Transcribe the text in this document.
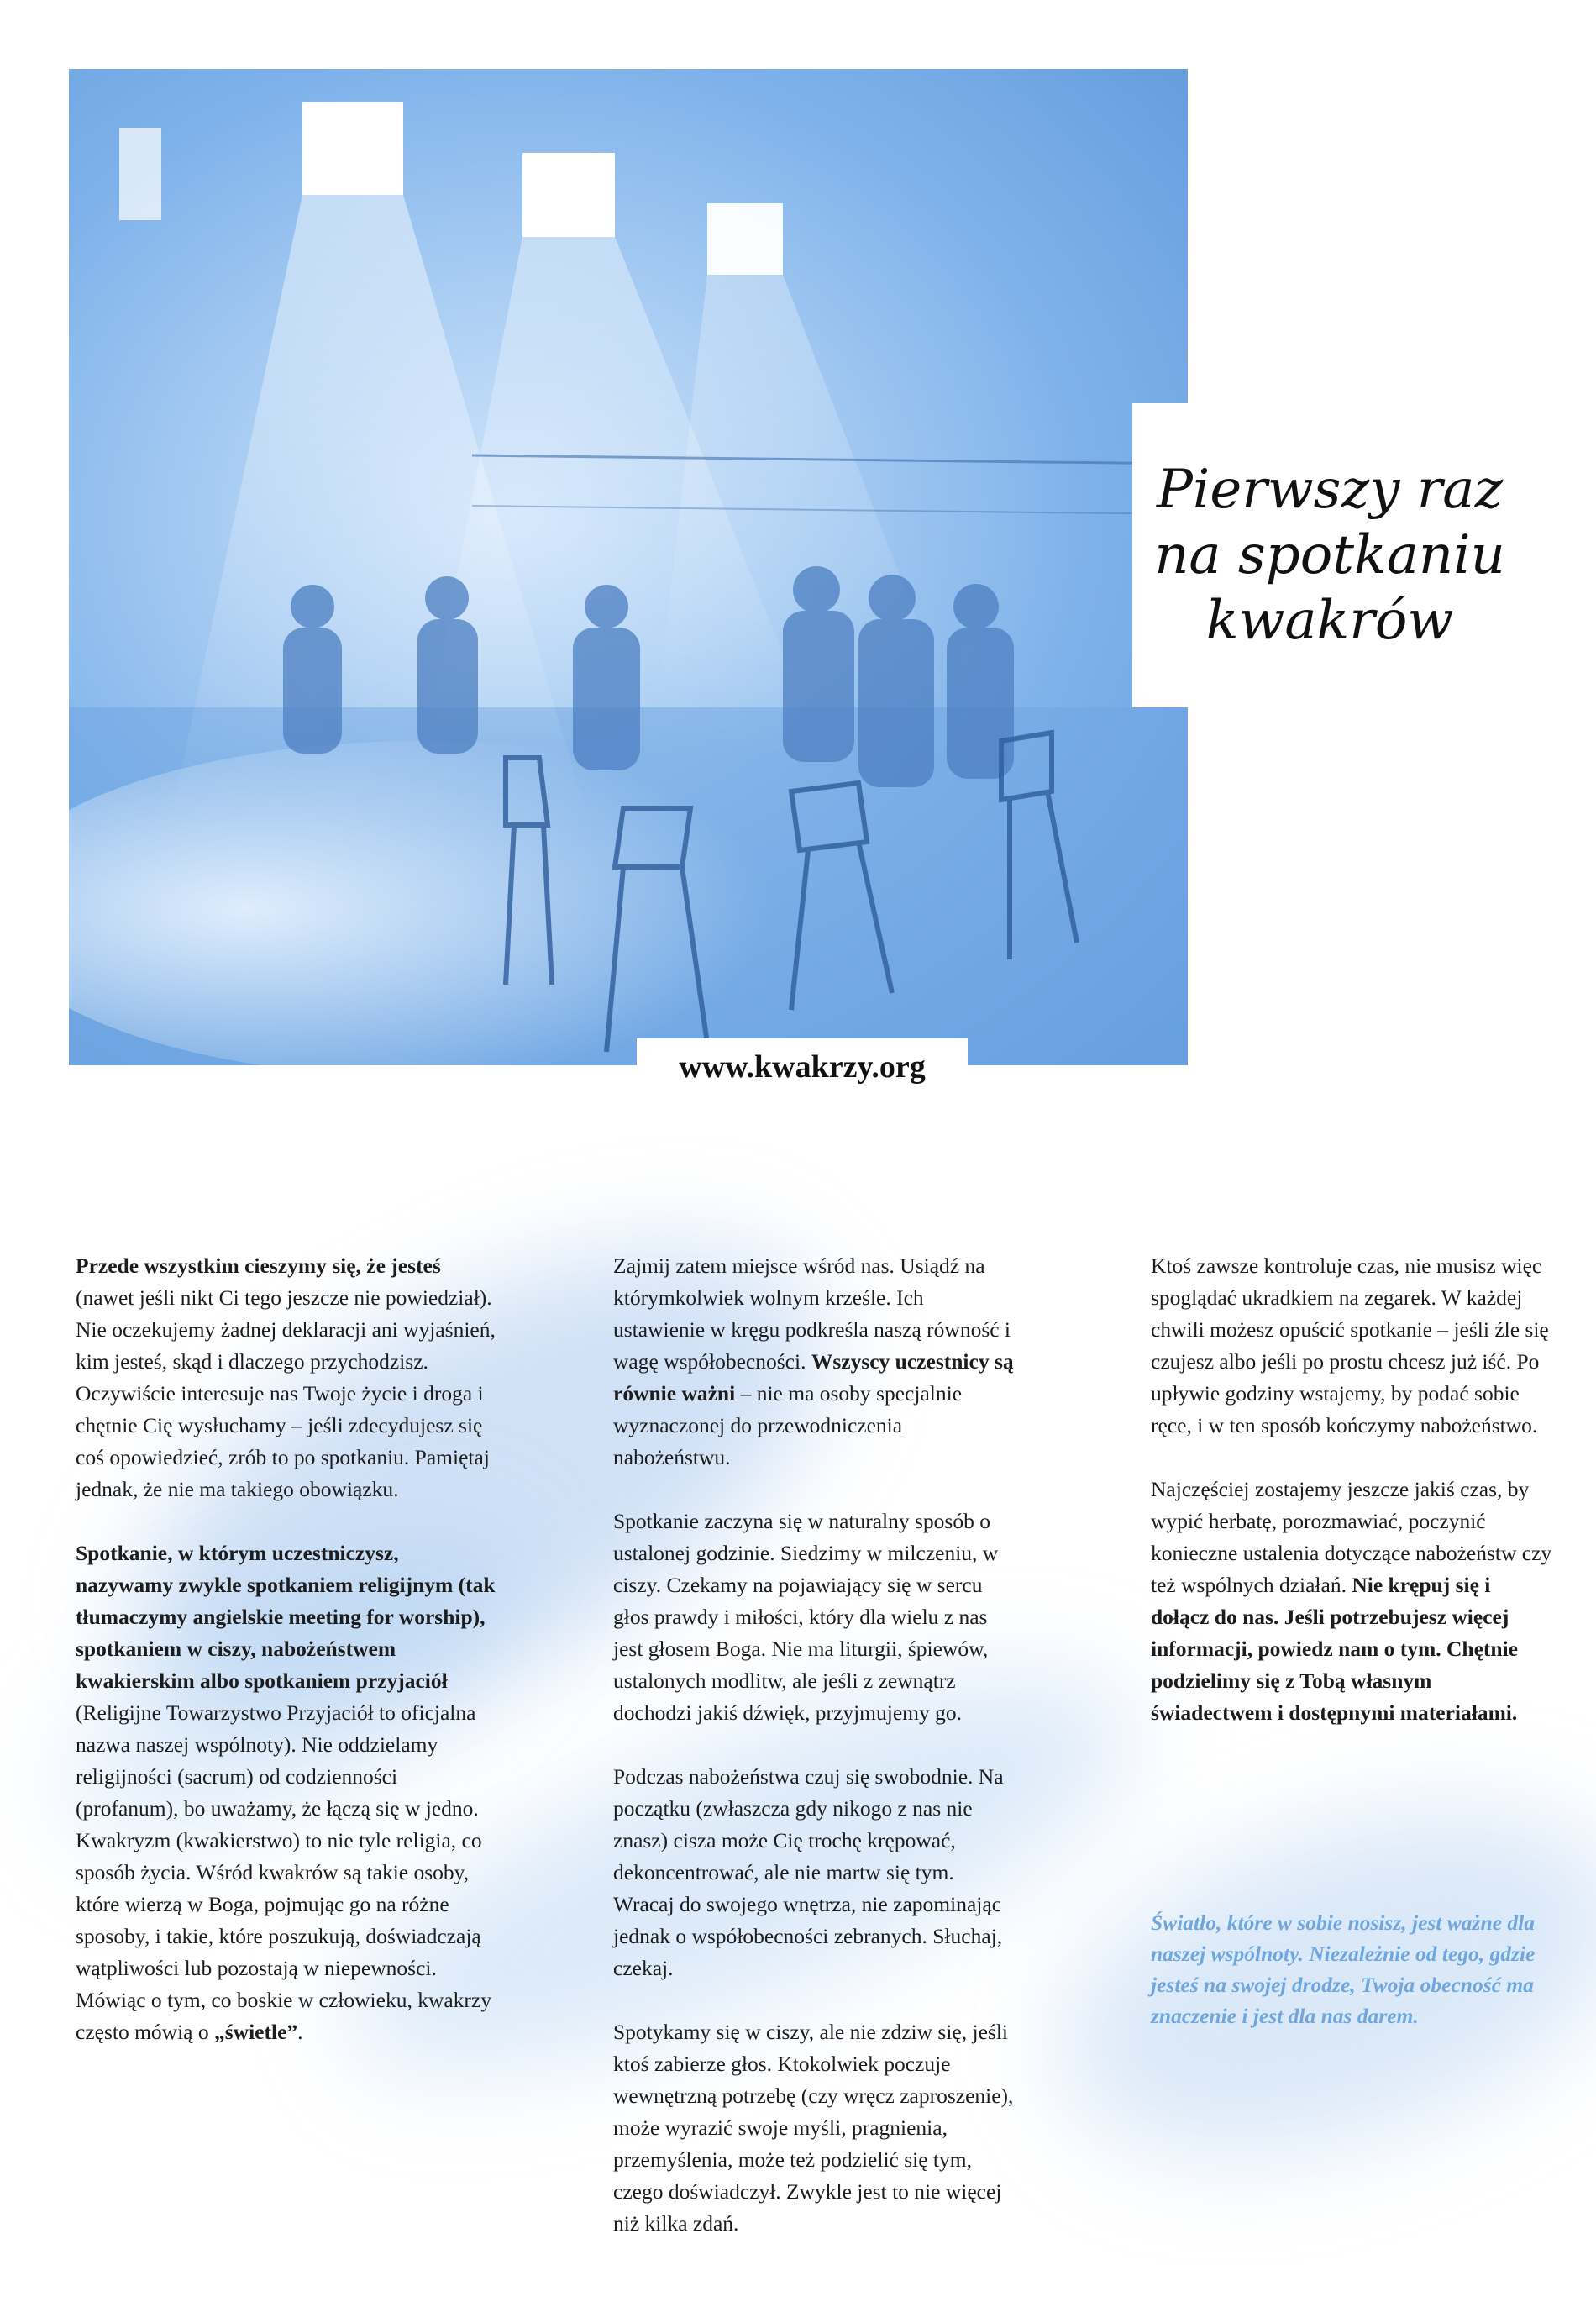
Pierwszy raz
na spotkaniu
kwakrów
www.kwakrzy.org

Przede wszystkim cieszymy się, że jesteś (nawet jeśli nikt Ci tego jeszcze nie powiedział). Nie oczekujemy żadnej deklaracji ani wyjaśnień, kim jesteś, skąd i dlaczego przychodzisz. Oczywiście interesuje nas Twoje życie i droga i chętnie Cię wysłuchamy – jeśli zdecydujesz się coś opowiedzieć, zrób to po spotkaniu. Pamiętaj jednak, że nie ma takiego obowiązku.

Spotkanie, w którym uczestniczysz, nazywamy zwykle spotkaniem religijnym (tak tłumaczymy angielskie meeting for worship), spotkaniem w ciszy, nabożeństwem kwakierskim albo spotkaniem przyjaciół (Religijne Towarzystwo Przyjaciół to oficjalna nazwa naszej wspólnoty). Nie oddzielamy religijności (sacrum) od codzienności (profanum), bo uważamy, że łączą się w jedno. Kwakryzm (kwakierstwo) to nie tyle religia, co sposób życia. Wśród kwakrów są takie osoby, które wierzą w Boga, pojmując go na różne sposoby, i takie, które poszukują, doświadczają wątpliwości lub pozostają w niepewności. Mówiąc o tym, co boskie w człowieku, kwakrzy często mówią o „świetle”.

Zajmij zatem miejsce wśród nas. Usiądź na którymkolwiek wolnym krześle. Ich ustawienie w kręgu podkreśla naszą równość i wagę współobecności. Wszyscy uczestnicy są równie ważni – nie ma osoby specjalnie wyznaczonej do przewodniczenia nabożeństwu.

Spotkanie zaczyna się w naturalny sposób o ustalonej godzinie. Siedzimy w milczeniu, w ciszy. Czekamy na pojawiający się w sercu głos prawdy i miłości, który dla wielu z nas jest głosem Boga. Nie ma liturgii, śpiewów, ustalonych modlitw, ale jeśli z zewnątrz dochodzi jakiś dźwięk, przyjmujemy go.

Podczas nabożeństwa czuj się swobodnie. Na początku (zwłaszcza gdy nikogo z nas nie znasz) cisza może Cię trochę krępować, dekoncentrować, ale nie martw się tym. Wracaj do swojego wnętrza, nie zapominając jednak o współobecności zebranych. Słuchaj, czekaj.

Spotykamy się w ciszy, ale nie zdziw się, jeśli ktoś zabierze głos. Ktokolwiek poczuje wewnętrzną potrzebę (czy wręcz zaproszenie), może wyrazić swoje myśli, pragnienia, przemyślenia, może też podzielić się tym, czego doświadczył. Zwykle jest to nie więcej niż kilka zdań.

Ktoś zawsze kontroluje czas, nie musisz więc spoglądać ukradkiem na zegarek. W każdej chwili możesz opuścić spotkanie – jeśli źle się czujesz albo jeśli po prostu chcesz już iść. Po upływie godziny wstajemy, by podać sobie ręce, i w ten sposób kończymy nabożeństwo.

Najczęściej zostajemy jeszcze jakiś czas, by wypić herbatę, porozmawiać, poczynić konieczne ustalenia dotyczące nabożeństw czy też wspólnych działań. Nie krępuj się i dołącz do nas. Jeśli potrzebujesz więcej informacji, powiedz nam o tym. Chętnie podzielimy się z Tobą własnym świadectwem i dostępnymi materiałami.

Światło, które w sobie nosisz, jest ważne dla naszej wspólnoty. Niezależnie od tego, gdzie jesteś na swojej drodze, Twoja obecność ma znaczenie i jest dla nas darem.
